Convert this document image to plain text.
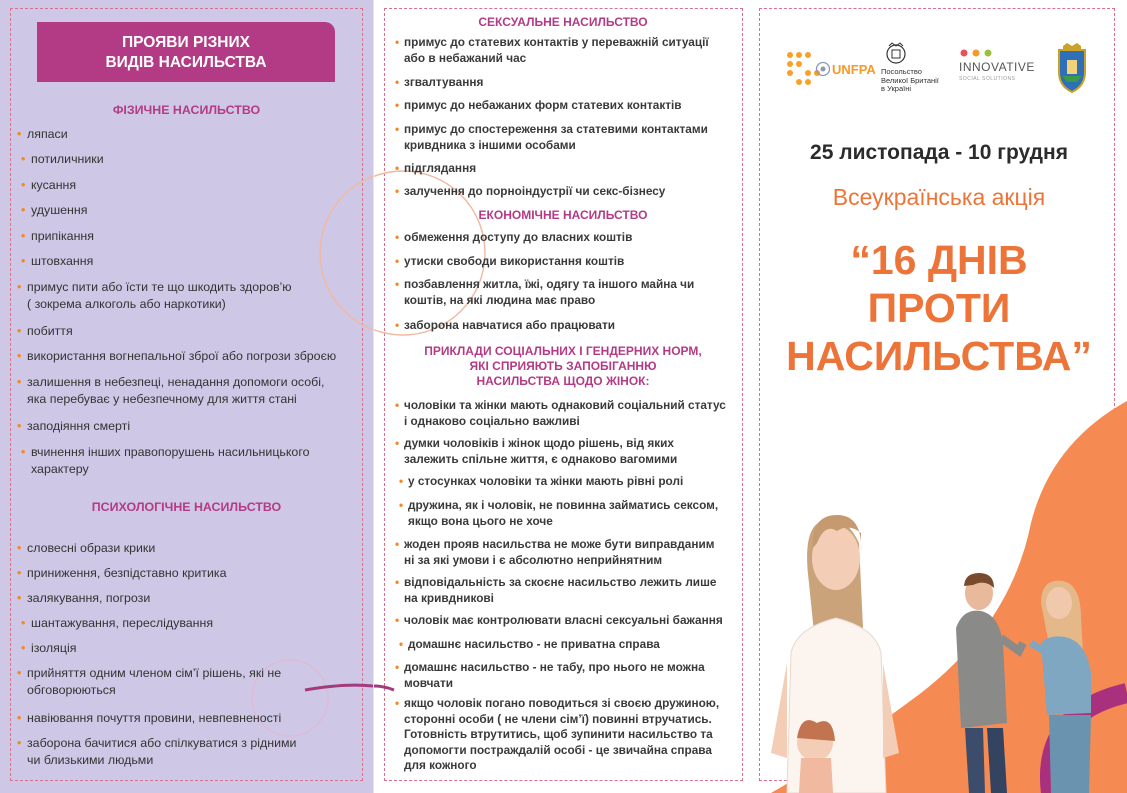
ПРОЯВИ РІЗНИХ
ВИДІВ НАСИЛЬСТВА
ФІЗИЧНЕ НАСИЛЬСТВО
• ляпаси
• потиличники
• кусання
• удушення
• припікання
• штовхання
• примус пити або їсти те що шкодить здоров’ю
( зокрема алкоголь або наркотики)
• побиття
• використання вогнепальної зброї або погрози зброєю
• залишення в небезпеці, ненадання допомоги особі,
яка перебуває у небезпечному для життя стані
• заподіяння смерті
• вчинення інших правопорушень насильницького
характеру
ПСИХОЛОГІЧНЕ НАСИЛЬСТВО
• словесні образи крики
• приниження, безпідставно критика
• залякування, погрози
• шантажування, переслідування
• ізоляція
• прийняття одним членом сім’ї рішень, які не
обговорюються
• навіювання почуття провини, невпевненості
• заборона бачитися або спілкуватися з рідними
чи близькими людьми
СЕКСУАЛЬНЕ НАСИЛЬСТВО
• примус до статевих контактів у переважній ситуації
або в небажаний час
• згвалтування
• примус до небажаних форм статевих контактів
• примус до спостереження за статевими контактами
кривдника з іншими особами
• підглядання
• залучення до порноіндустрії чи секс-бізнесу
ЕКОНОМІЧНЕ НАСИЛЬСТВО
• обмеження доступу до власних коштів
• утиски свободи використання коштів
• позбавлення житла, їжі, одягу та іншого майна чи
коштів, на які людина має право
• заборона навчатися або працювати
ПРИКЛАДИ СОЦІАЛЬНИХ І ГЕНДЕРНИХ НОРМ,
ЯКІ СПРИЯЮТЬ ЗАПОБІГАННЮ
НАСИЛЬСТВА ЩОДО ЖІНОК:
• чоловіки та жінки мають однаковий соціальний статус
і однаково соціально важливі
• думки чоловіків і жінок щодо рішень, від яких
залежить спільне життя, є однаково вагомими
• у стосунках чоловіки та жінки мають рівні ролі
• дружина, як і чоловік, не повинна займатись сексом,
якщо вона цього не хоче
• жоден прояв насильства не може бути виправданим
ні за які умови і є абсолютно неприйнятним
• відповідальність за скоєне насильство лежить лише
на кривдникові
• чоловік має контролювати власні сексуальні бажання
• домашнє насильство - не приватна справа
• домашнє насильство - не табу, про нього не можна
мовчати
• якщо чоловік погано поводиться зі своєю дружиною,
сторонні особи ( не члени сім’ї) повинні втручатись.
Готовність втрутитись, щоб зупинити насильство та
допомогти постраждалій особі - це звичайна справа
для кожного
UNFPA Посольство
Великої Британії
в Україні
INNOVATIVE
SOCIAL SOLUTIONS
25 листопада - 10 грудня
Всеукраїнська акція
“16 ДНІВ
ПРОТИ
НАСИЛЬСТВА”
